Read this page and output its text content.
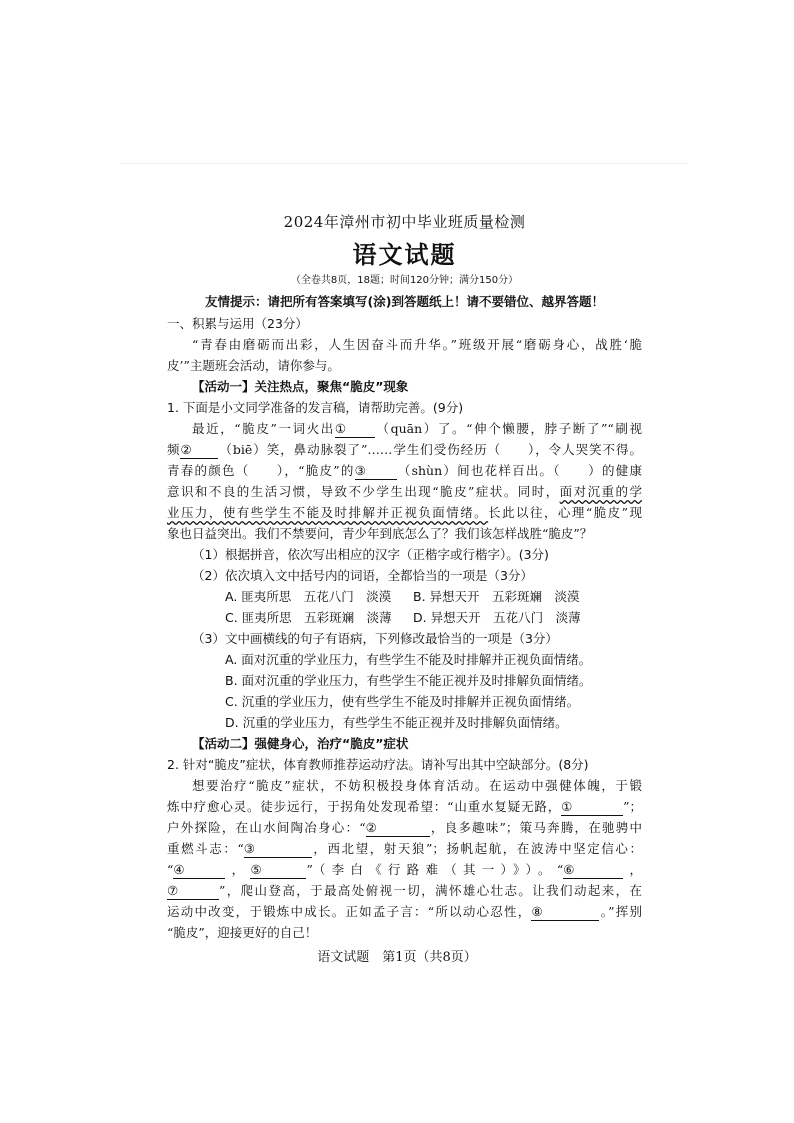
2024年漳州市初中毕业班质量检测
语文试题
（全卷共8页，18题；时间120分钟；满分150分）
友情提示：请把所有答案填写(涂)到答题纸上！请不要错位、越界答题！
一、积累与运用（23分）
“青春由磨砺而出彩，人生因奋斗而升华。”班级开展“磨砺身心，战胜‘脆
皮’”主题班会活动，请你参与。
【活动一】关注热点，聚焦“脆皮”现象
1. 下面是小文同学准备的发言稿，请帮助完善。(9分)
最近，“脆皮”一词火出① （quān）了。“伸个懒腰，脖子断了”“刷视
频② （biē）笑，鼻动脉裂了”……学生们受伤经历（　　），令人哭笑不得。
青春的颜色（　　），“脆皮”的③ （shùn）间也花样百出。（　　）的健康
意识和不良的生活习惯，导致不少学生出现“脆皮”症状。同时，面对沉重的学
业压力，使有些学生不能及时排解并正视负面情绪。长此以往，心理“脆皮”现
象也日益突出。我们不禁要问，青少年到底怎么了？我们该怎样战胜“脆皮”？
（1）根据拼音，依次写出相应的汉字（正楷字或行楷字）。(3分)
（2）依次填入文中括号内的词语，全都恰当的一项是（3分）
A. 匪夷所思　五花八门　淡漠 B. 异想天开　五彩斑斓　淡漠
C. 匪夷所思　五彩斑斓　淡薄 D. 异想天开　五花八门　淡薄
（3）文中画横线的句子有语病，下列修改最恰当的一项是（3分）
A. 面对沉重的学业压力，有些学生不能及时排解并正视负面情绪。
B. 面对沉重的学业压力，有些学生不能正视并及时排解负面情绪。
C. 沉重的学业压力，使有些学生不能及时排解并正视负面情绪。
D. 沉重的学业压力，有些学生不能正视并及时排解负面情绪。
【活动二】强健身心，治疗“脆皮”症状
2. 针对“脆皮”症状，体育教师推荐运动疗法。请补写出其中空缺部分。(8分)
想要治疗“脆皮”症状，不妨积极投身体育活动。在运动中强健体魄，于锻
炼中疗愈心灵。徒步远行，于拐角处发现希望：“山重水复疑无路，①	”；
户外探险，在山水间陶冶身心：“②	，良多趣味”；策马奔腾，在驰骋中
重燃斗志：“③	，西北望，射天狼”；扬帆起航，在波涛中坚定信心：
“④	，⑤	”（李白《行路难（其一）》）。“⑥	，
⑦	”，爬山登高，于最高处俯视一切，满怀雄心壮志。让我们动起来，在
运动中改变，于锻炼中成长。正如孟子言：“所以动心忍性，⑧	。”挥别
“脆皮”，迎接更好的自己！
语文试题　第1页（共8页）
